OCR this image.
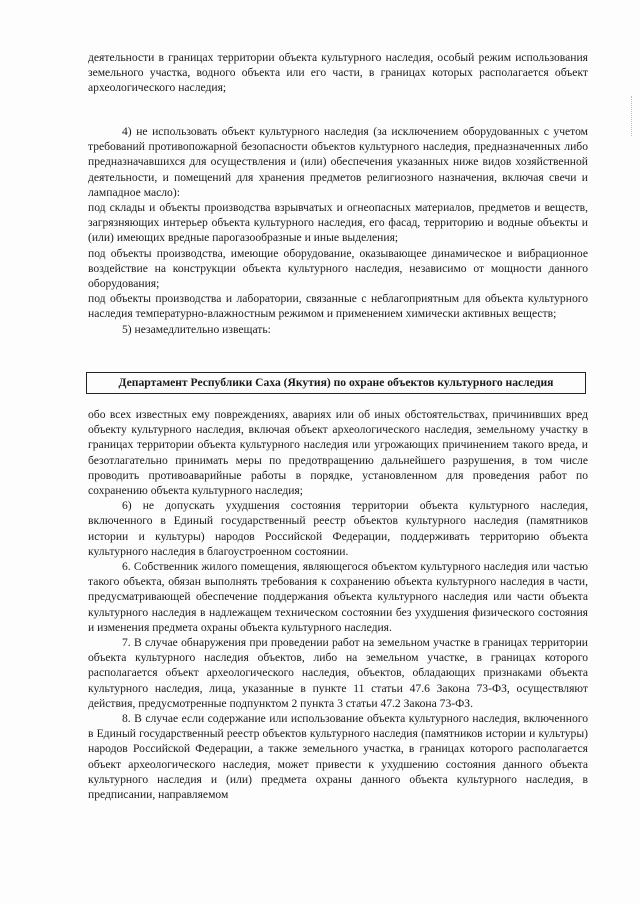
деятельности в границах территории объекта культурного наследия, особый режим использования земельного участка, водного объекта или его части, в границах которых располагается объект археологического наследия;

4) не использовать объект культурного наследия (за исключением оборудованных с учетом требований противопожарной безопасности объектов культурного наследия, предназначенных либо предназначавшихся для осуществления и (или) обеспечения указанных ниже видов хозяйственной деятельности, и помещений для хранения предметов религиозного назначения, включая свечи и лампадное масло):

под склады и объекты производства взрывчатых и огнеопасных материалов, предметов и веществ, загрязняющих интерьер объекта культурного наследия, его фасад, территорию и водные объекты и (или) имеющих вредные парогазообразные и иные выделения;

под объекты производства, имеющие оборудование, оказывающее динамическое и вибрационное воздействие на конструкции объекта культурного наследия, независимо от мощности данного оборудования;

под объекты производства и лаборатории, связанные с неблагоприятным для объекта культурного наследия температурно-влажностным режимом и применением химически активных веществ;

5) незамедлительно извещать:

Департамент Республики Саха (Якутия) по охране объектов культурного наследия

обо всех известных ему повреждениях, авариях или об иных обстоятельствах, причинивших вред объекту культурного наследия, включая объект археологического наследия, земельному участку в границах территории объекта культурного наследия или угрожающих причинением такого вреда, и безотлагательно принимать меры по предотвращению дальнейшего разрушения, в том числе проводить противоаварийные работы в порядке, установленном для проведения работ по сохранению объекта культурного наследия;

6) не допускать ухудшения состояния территории объекта культурного наследия, включенного в Единый государственный реестр объектов культурного наследия (памятников истории и культуры) народов Российской Федерации, поддерживать территорию объекта культурного наследия в благоустроенном состоянии.

6. Собственник жилого помещения, являющегося объектом культурного наследия или частью такого объекта, обязан выполнять требования к сохранению объекта культурного наследия в части, предусматривающей обеспечение поддержания объекта культурного наследия или части объекта культурного наследия в надлежащем техническом состоянии без ухудшения физического состояния и изменения предмета охраны объекта культурного наследия.

7. В случае обнаружения при проведении работ на земельном участке в границах территории объекта культурного наследия объектов, либо на земельном участке, в границах которого располагается объект археологического наследия, объектов, обладающих признаками объекта культурного наследия, лица, указанные в пункте 11 статьи 47.6 Закона 73-ФЗ, осуществляют действия, предусмотренные подпунктом 2 пункта 3 статьи 47.2 Закона 73-ФЗ.

8. В случае если содержание или использование объекта культурного наследия, включенного в Единый государственный реестр объектов культурного наследия (памятников истории и культуры) народов Российской Федерации, а также земельного участка, в границах которого располагается объект археологического наследия, может привести к ухудшению состояния данного объекта культурного наследия и (или) предмета охраны данного объекта культурного наследия, в предписании, направляемом
